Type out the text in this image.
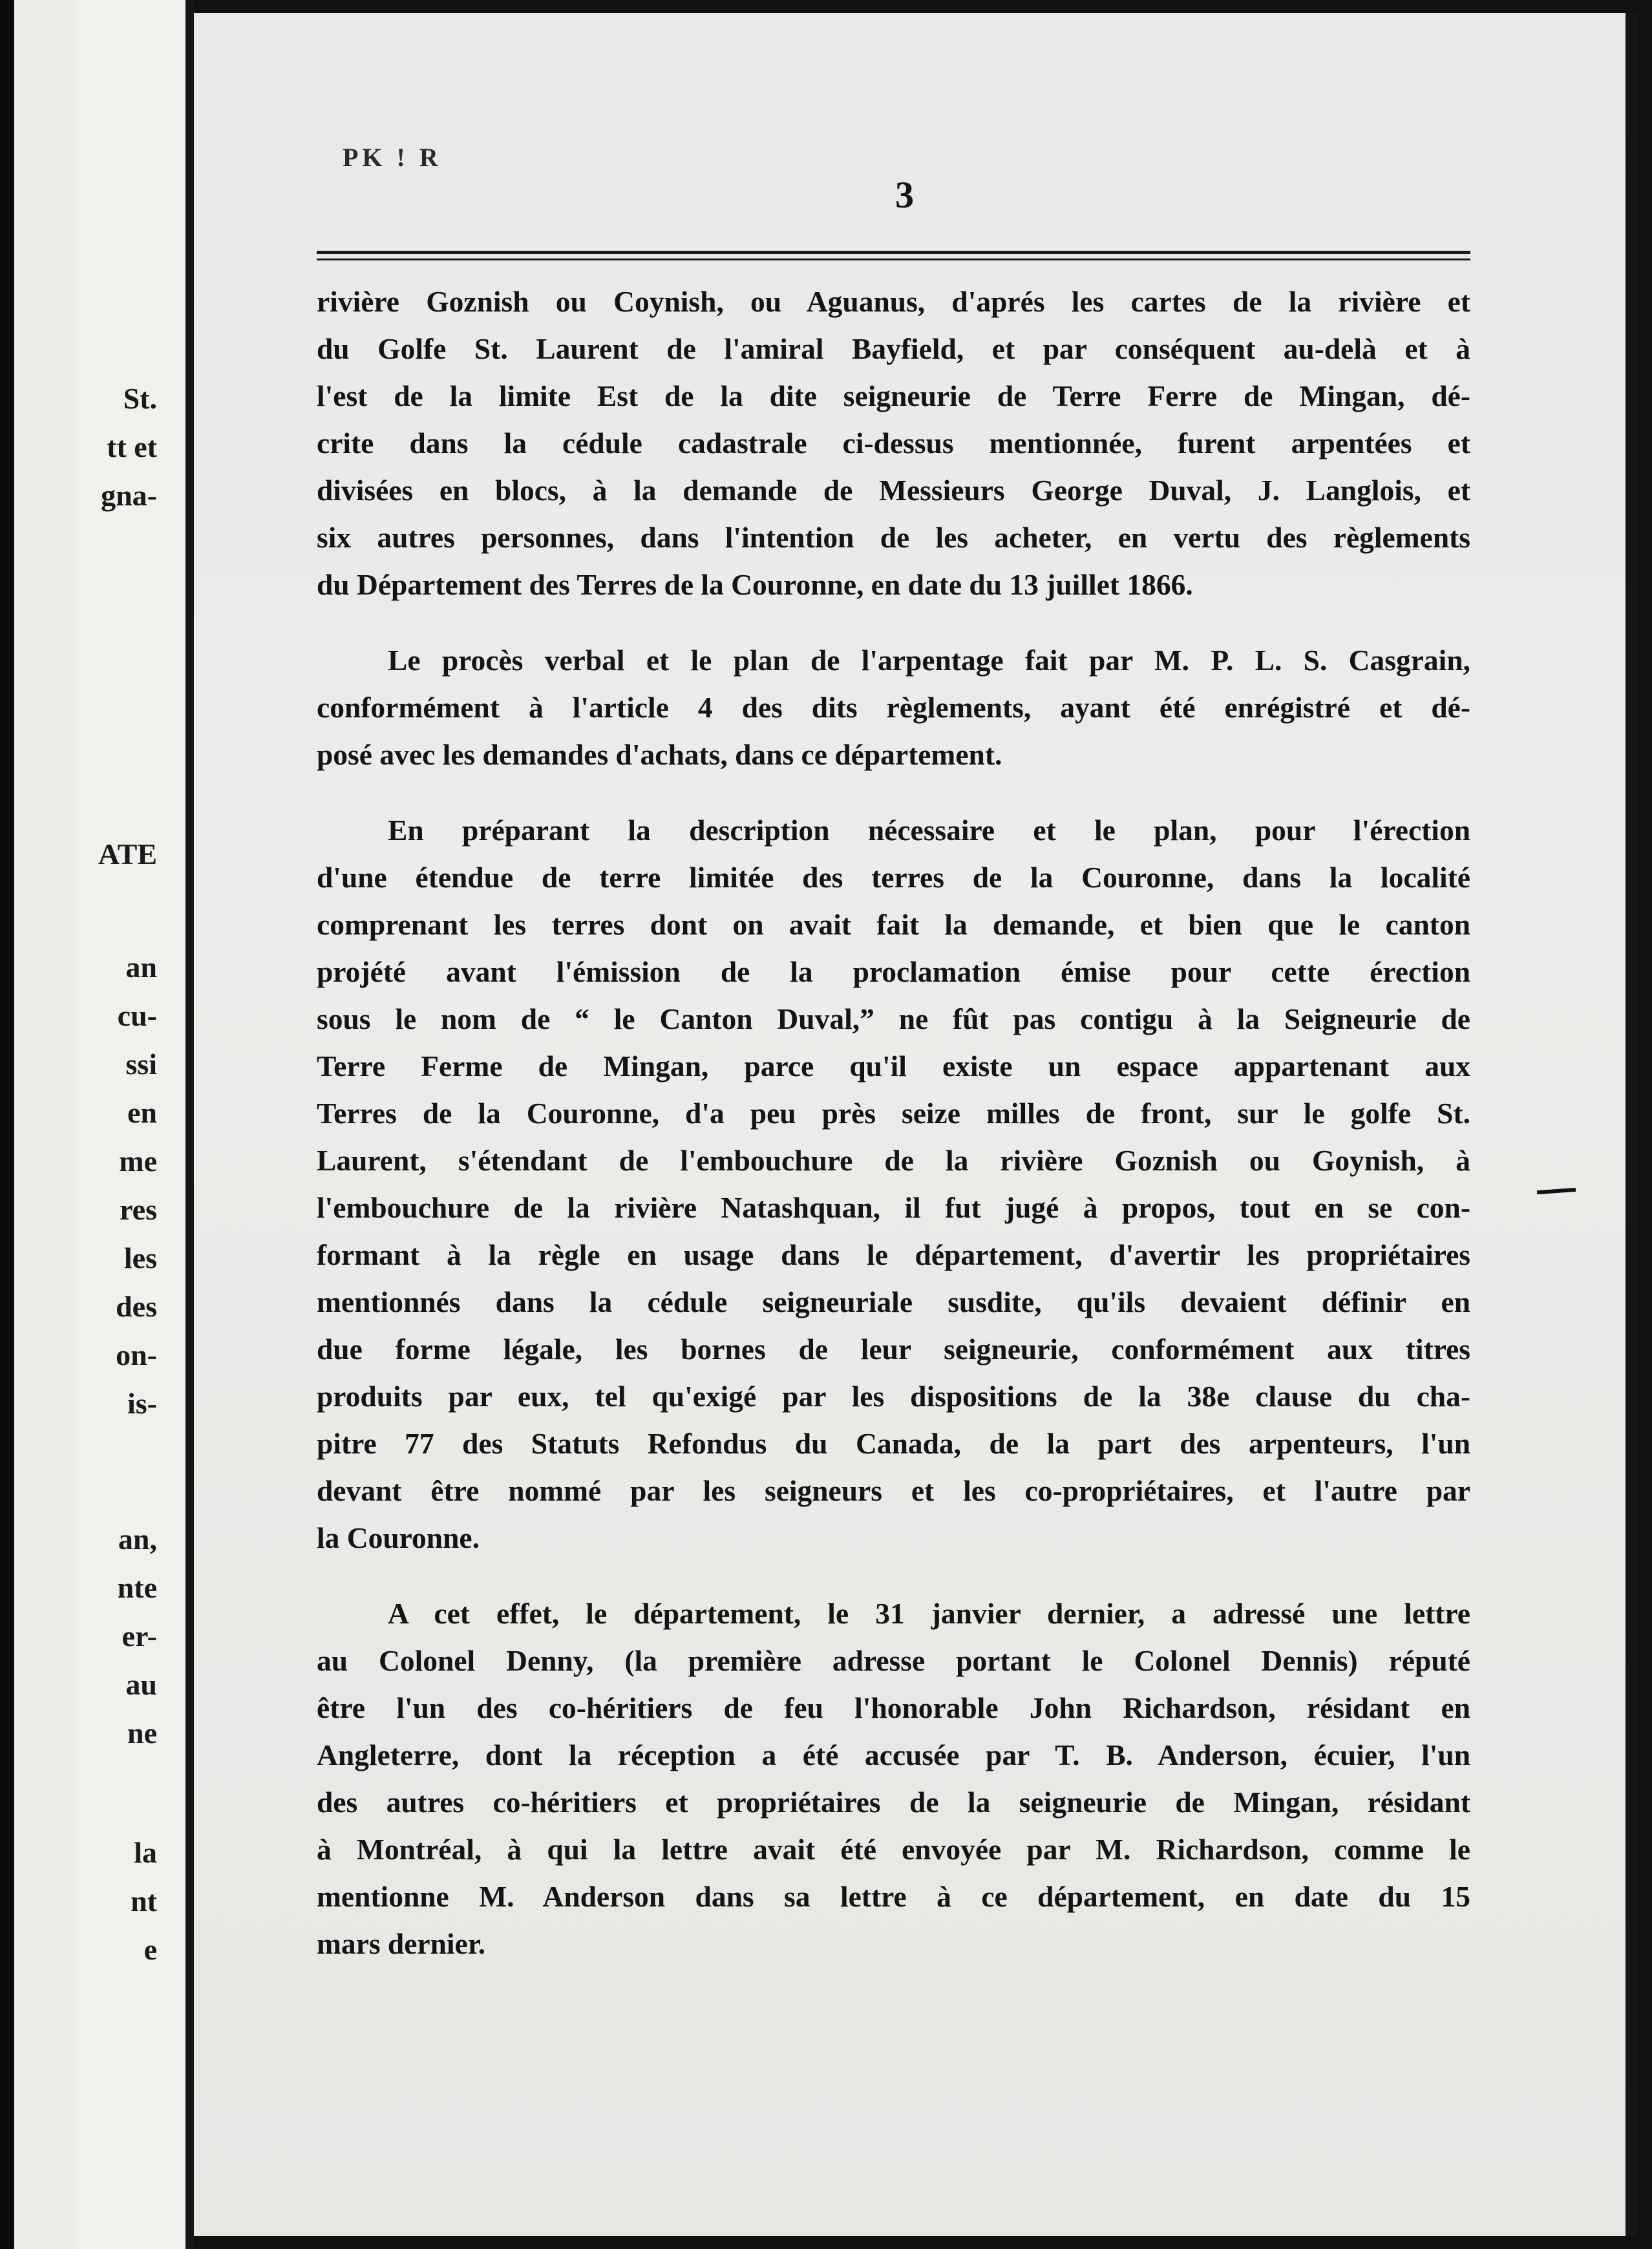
St.
tt et
gna-
ATE
an
cu-
ssi
en
me
res
les
des
on-
is-
an,
nte
er-
au
ne
la
nt
e
PK ! R
3
rivière Goznish ou Coynish, ou Aguanus, d'aprés les cartes de la rivière et
du Golfe St. Laurent de l'amiral Bayfield, et par conséquent au-delà et à
l'est de la limite Est de la dite seigneurie de Terre Ferre de Mingan, dé-
crite dans la cédule cadastrale ci-dessus mentionnée, furent arpentées et
divisées en blocs, à la demande de Messieurs George Duval, J. Langlois, et
six autres personnes, dans l'intention de les acheter, en vertu des règlements
du Département des Terres de la Couronne, en date du 13 juillet 1866.
Le procès verbal et le plan de l'arpentage fait par M. P. L. S. Casgrain,
conformément à l'article 4 des dits règlements, ayant été enrégistré et dé-
posé avec les demandes d'achats, dans ce département.
En préparant la description nécessaire et le plan, pour l'érection
d'une étendue de terre limitée des terres de la Couronne, dans la localité
comprenant les terres dont on avait fait la demande, et bien que le canton
projété avant l'émission de la proclamation émise pour cette érection
sous le nom de “ le Canton Duval,” ne fût pas contigu à la Seigneurie de
Terre Ferme de Mingan, parce qu'il existe un espace appartenant aux
Terres de la Couronne, d'a peu près seize milles de front, sur le golfe St.
Laurent, s'étendant de l'embouchure de la rivière Goznish ou Goynish, à
l'embouchure de la rivière Natashquan, il fut jugé à propos, tout en se con-
formant à la règle en usage dans le département, d'avertir les propriétaires
mentionnés dans la cédule seigneuriale susdite, qu'ils devaient définir en
due forme légale, les bornes de leur seigneurie, conformément aux titres
produits par eux, tel qu'exigé par les dispositions de la 38e clause du cha-
pitre 77 des Statuts Refondus du Canada, de la part des arpenteurs, l'un
devant être nommé par les seigneurs et les co-propriétaires, et l'autre par
la Couronne.
A cet effet, le département, le 31 janvier dernier, a adressé une lettre
au Colonel Denny, (la première adresse portant le Colonel Dennis) réputé
être l'un des co-héritiers de feu l'honorable John Richardson, résidant en
Angleterre, dont la réception a été accusée par T. B. Anderson, écuier, l'un
des autres co-héritiers et propriétaires de la seigneurie de Mingan, résidant
à Montréal, à qui la lettre avait été envoyée par M. Richardson, comme le
mentionne M. Anderson dans sa lettre à ce département, en date du 15
mars dernier.
